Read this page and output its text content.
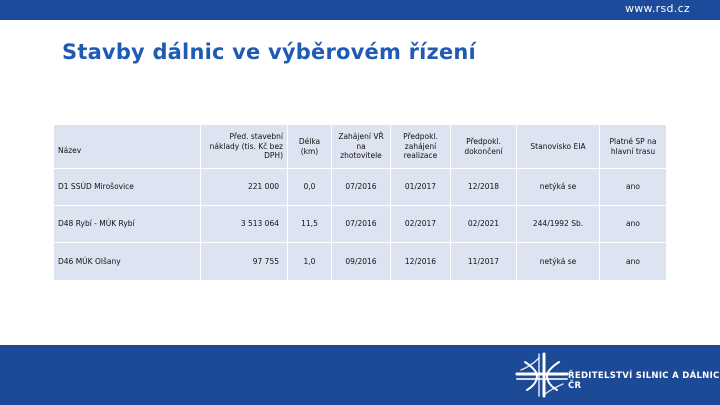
www.rsd.cz
Stavby dálnic ve výběrovém řízení
Název	Před. stavební náklady (tis. Kč bez DPH)	Délka (km)	Zahájení VŘ na zhotovitele	Předpokl. zahájení realizace	Předpokl. dokončení	Stanovisko EIA	Platné SP na hlavní trasu
D1 SSÚD Mirošovice	221 000	0,0	07/2016	01/2017	12/2018	netýká se	ano
D48 Rybí - MÚK Rybí	3 513 064	11,5	07/2016	02/2017	02/2021	244/1992 Sb.	ano
D46 MÚK Olšany	97 755	1,0	09/2016	12/2016	11/2017	netýká se	ano
ŘEDITELSTVÍ SILNIC A DÁLNIC ČR
